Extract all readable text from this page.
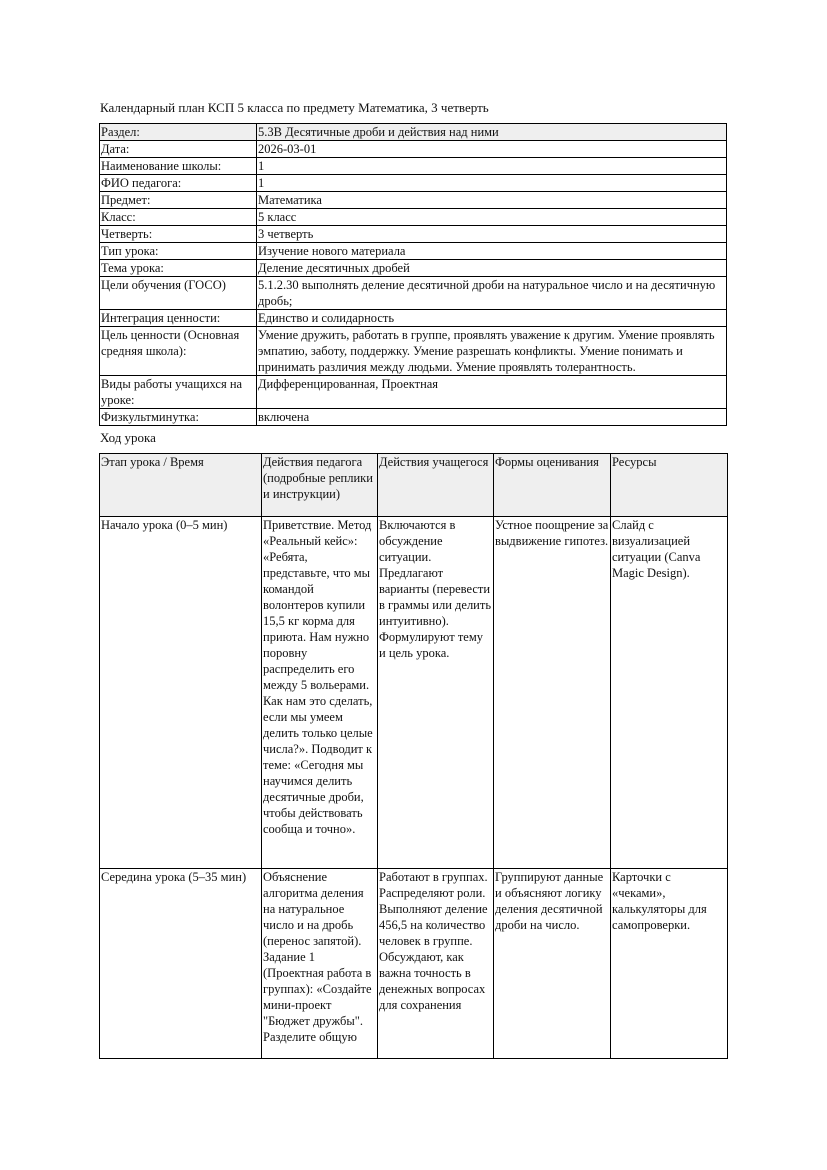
Календарный план КСП 5 класса по предмету Математика, 3 четверть
Раздел:	5.3В Десятичные дроби и действия над ними
Дата:	2026-03-01
Наименование школы:	1
ФИО педагога:	1
Предмет:	Математика
Класс:	5 класс
Четверть:	3 четверть
Тип урока:	Изучение нового материала
Тема урока:	Деление десятичных дробей
Цели обучения (ГОСО)	5.1.2.30 выполнять деление десятичной дроби на натуральное число и на десятичную дробь;
Интеграция ценности:	Единство и солидарность
Цель ценности (Основная средняя школа):	Умение дружить, работать в группе, проявлять уважение к другим. Умение проявлять эмпатию, заботу, поддержку. Умение разрешать конфликты. Умение понимать и принимать различия между людьми. Умение проявлять толерантность.
Виды работы учащихся на уроке:	Дифференцированная, Проектная
Физкультминутка:	включена
Ход урока
Этап урока / Время	Действия педагога (подробные реплики и инструкции)	Действия учащегося	Формы оценивания	Ресурсы
Начало урока (0–5 мин)	Приветствие. Метод «Реальный кейс»: «Ребята, представьте, что мы командой волонтеров купили 15,5 кг корма для приюта. Нам нужно поровну распределить его между 5 вольерами. Как нам это сделать, если мы умеем делить только целые числа?». Подводит к теме: «Сегодня мы научимся делить десятичные дроби, чтобы действовать сообща и точно».	Включаются в обсуждение ситуации. Предлагают варианты (перевести в граммы или делить интуитивно). Формулируют тему и цель урока.	Устное поощрение за выдвижение гипотез.	Слайд с визуализацией ситуации (Canva Magic Design).

Середина урока (5–35 мин)	Объяснение алгоритма деления на натуральное число и на дробь (перенос запятой). Задание 1 (Проектная работа в группах): «Создайте мини-проект "Бюджет дружбы". Разделите общую	Работают в группах. Распределяют роли. Выполняют деление 456,5 на количество человек в группе. Обсуждают, как важна точность в денежных вопросах для сохранения	Группируют данные и объясняют логику деления десятичной дроби на число.	Карточки с «чеками», калькуляторы для самопроверки.
